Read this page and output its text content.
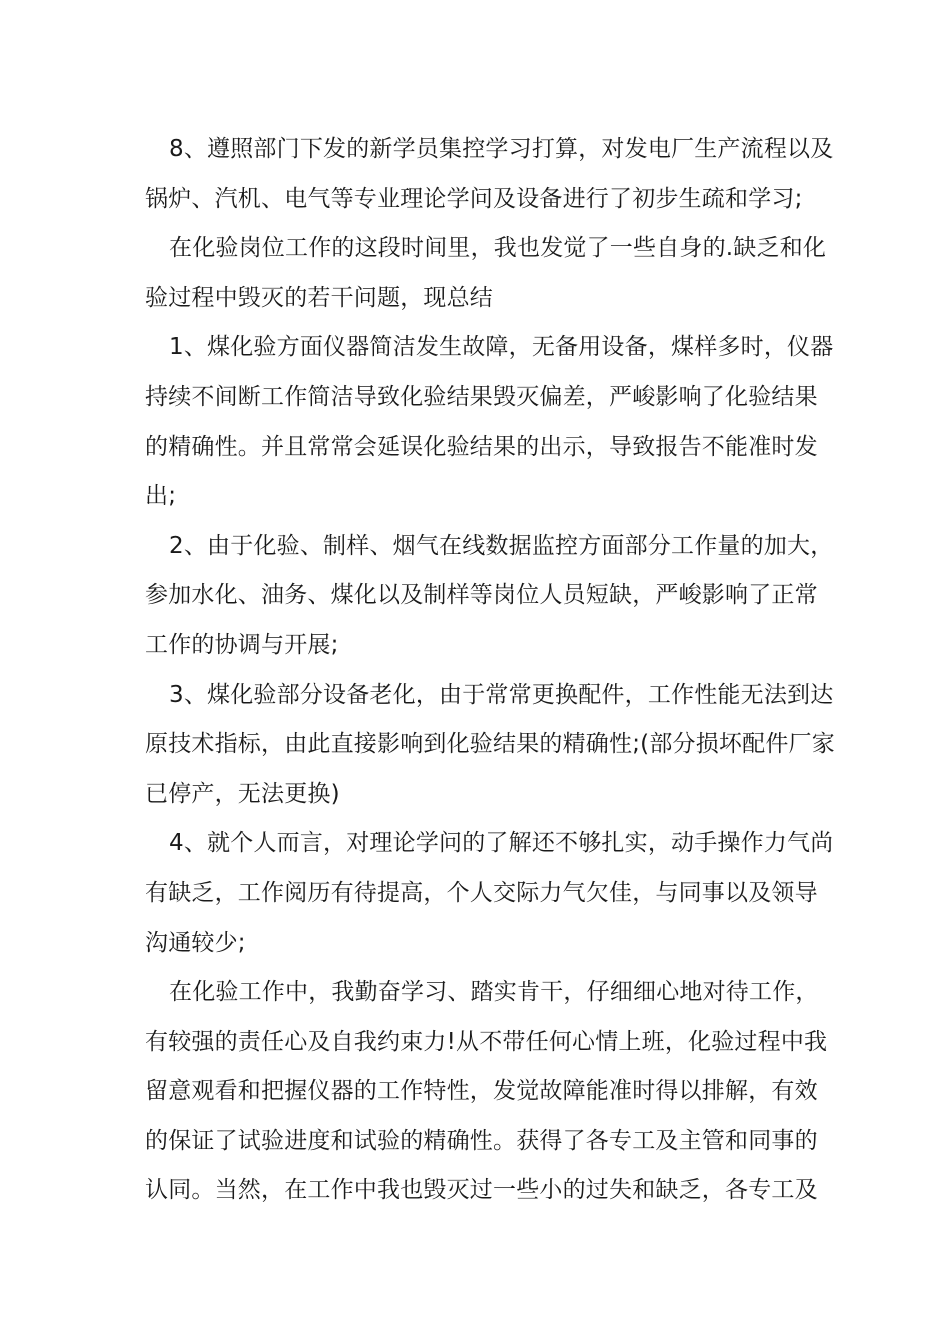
8、遵照部门下发的新学员集控学习打算，对发电厂生产流程以及
锅炉、汽机、电气等专业理论学问及设备进行了初步生疏和学习;
在化验岗位工作的这段时间里，我也发觉了一些自身的.缺乏和化
验过程中毁灭的若干问题，现总结
1、煤化验方面仪器简洁发生故障，无备用设备，煤样多时，仪器
持续不间断工作简洁导致化验结果毁灭偏差，严峻影响了化验结果
的精确性。并且常常会延误化验结果的出示，导致报告不能准时发
出;
2、由于化验、制样、烟气在线数据监控方面部分工作量的加大，
参加水化、油务、煤化以及制样等岗位人员短缺，严峻影响了正常
工作的协调与开展;
3、煤化验部分设备老化，由于常常更换配件，工作性能无法到达
原技术指标，由此直接影响到化验结果的精确性;(部分损坏配件厂家
已停产，无法更换)
4、就个人而言，对理论学问的了解还不够扎实，动手操作力气尚
有缺乏，工作阅历有待提高，个人交际力气欠佳，与同事以及领导
沟通较少;
在化验工作中，我勤奋学习、踏实肯干，仔细细心地对待工作，
有较强的责任心及自我约束力!从不带任何心情上班，化验过程中我
留意观看和把握仪器的工作特性，发觉故障能准时得以排解，有效
的保证了试验进度和试验的精确性。获得了各专工及主管和同事的
认同。当然，在工作中我也毁灭过一些小的过失和缺乏，各专工及
